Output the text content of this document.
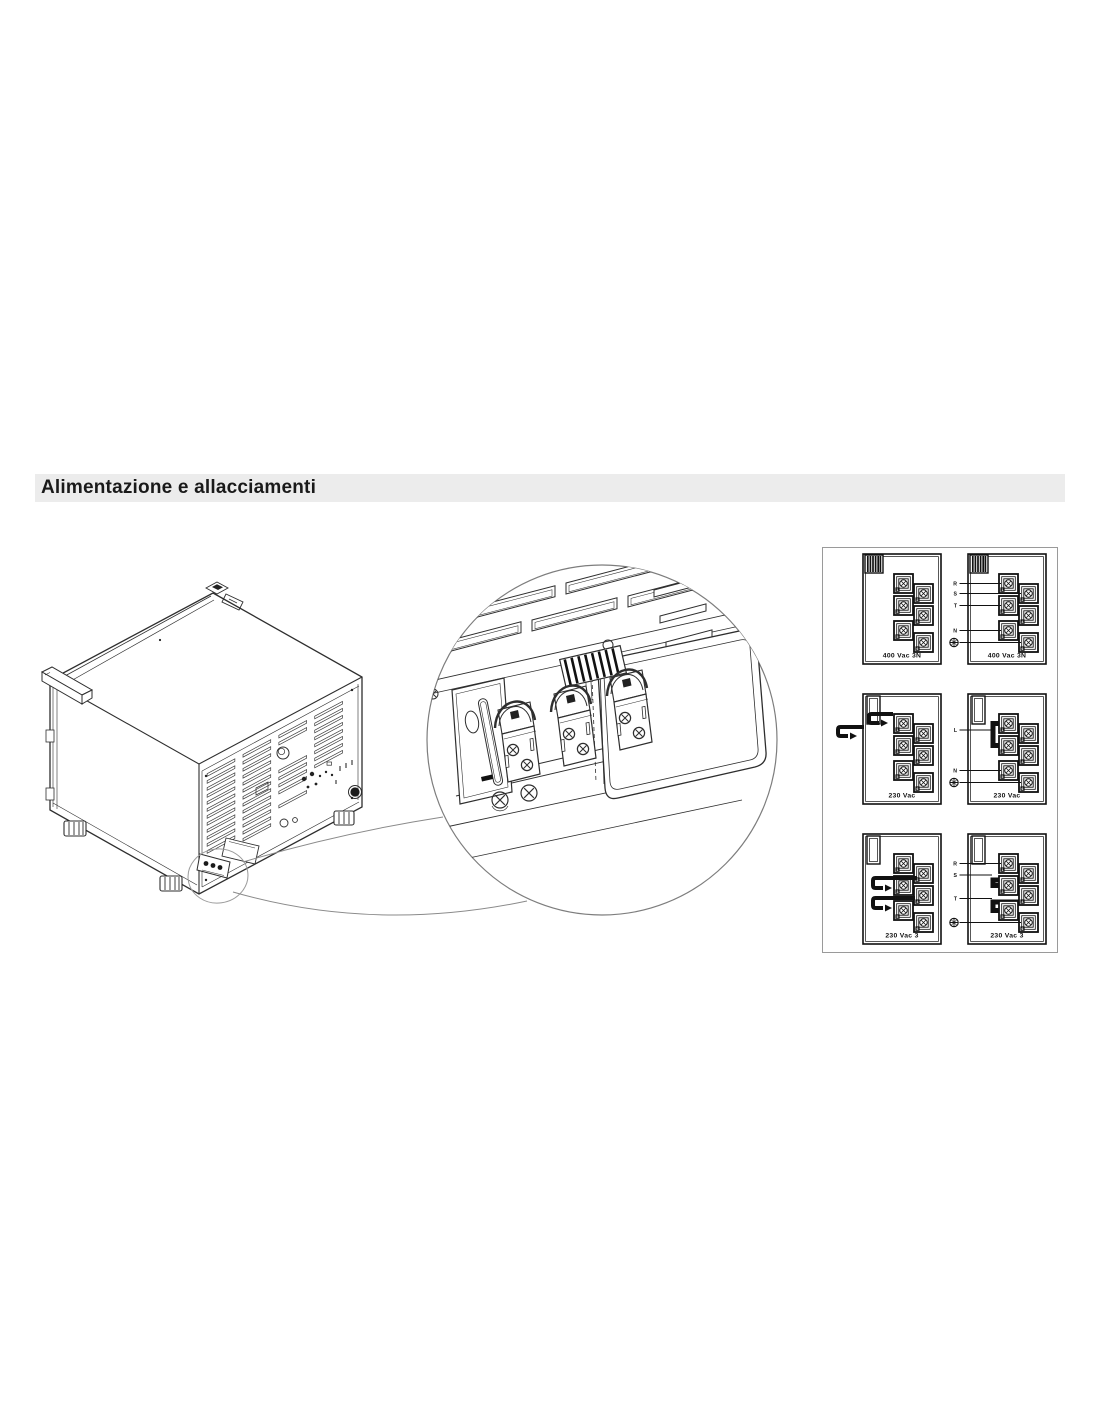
Alimentazione e allacciamenti
1
2
3
4
5
6
400 Vac 3N
1
2
3
4
5
6
R
S
T
N
400 Vac 3N
1
2
3
4
5
6
230 Vac
1
2
3
4
5
6
L
N
230 Vac
1
2
3
4
5
6
230 Vac 3
1
2
3
4
5
6
R
S
T
230 Vac 3
